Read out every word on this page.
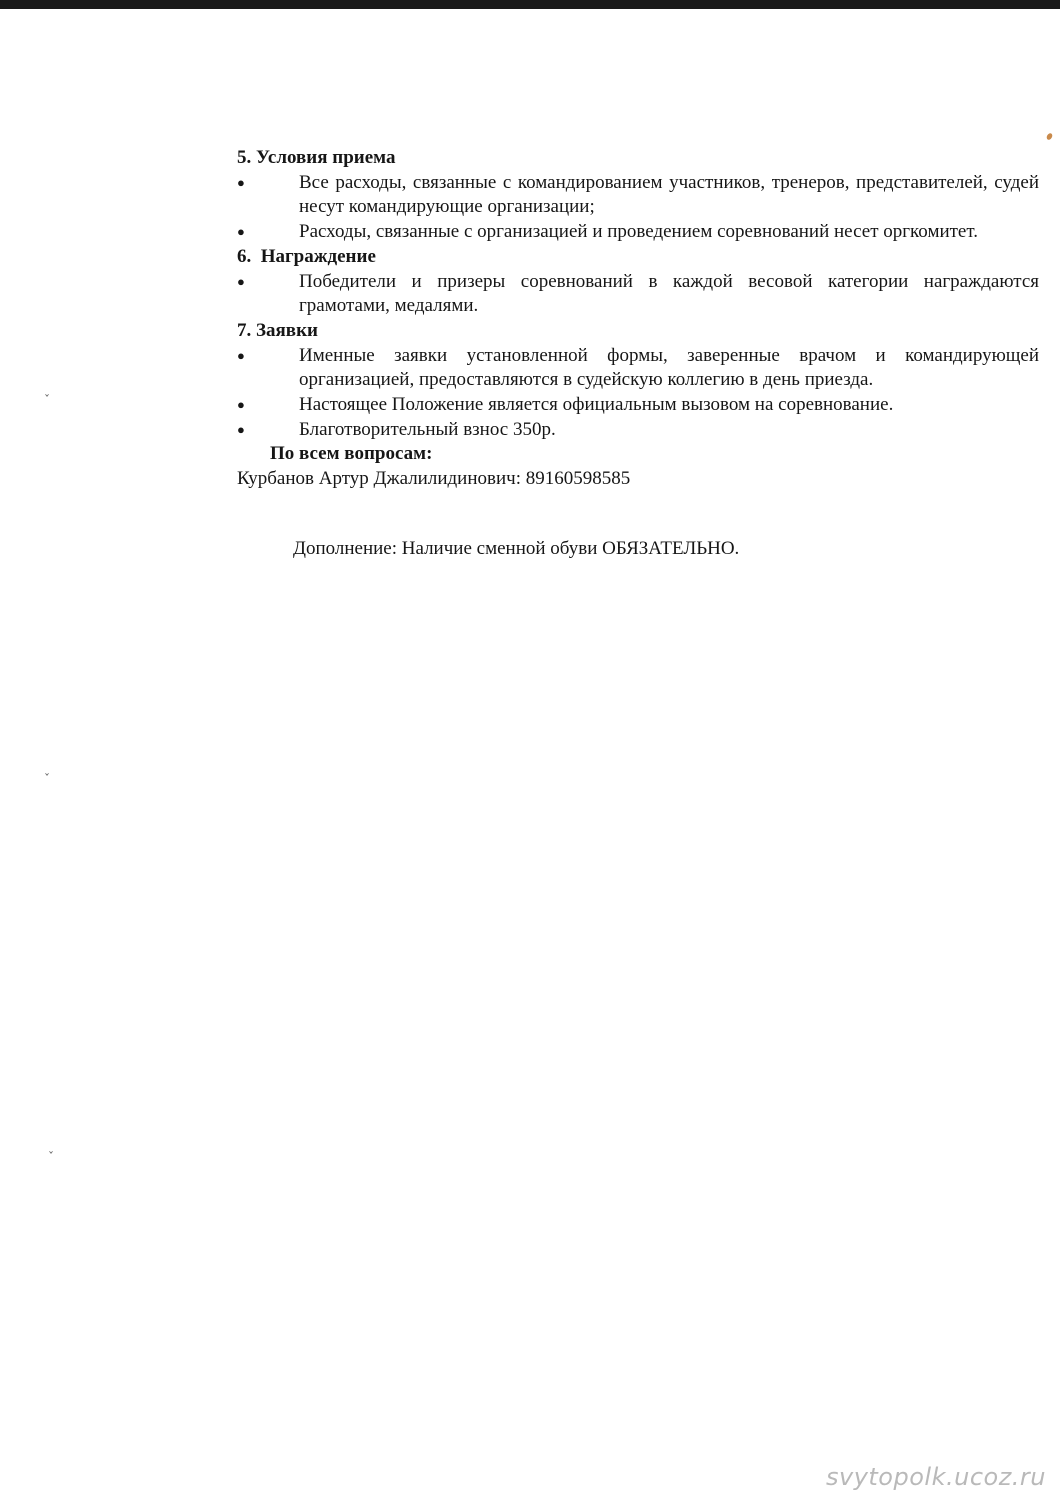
ˇ
ˇ
ˇ

5. Условия приема

●	Все расходы, связанные с командированием участников, тренеров, представителей, судей несут командирующие организации;

●	Расходы, связанные с организацией и проведением соревнований несет оргкомитет.

6.  Награждение

●	Победители и призеры соревнований в каждой весовой категории награждаются грамотами, медалями.

7. Заявки

●	Именные заявки установленной формы, заверенные врачом и командирующей организацией, предоставляются в судейскую коллегию в день приезда.

●	Настоящее Положение является официальным вызовом на соревнование.

●	Благотворительный взнос 350р.

По всем вопросам:

Курбанов Артур Джалилидинович: 89160598585

Дополнение: Наличие сменной обуви ОБЯЗАТЕЛЬНО.

svytopolk.ucoz.ru
